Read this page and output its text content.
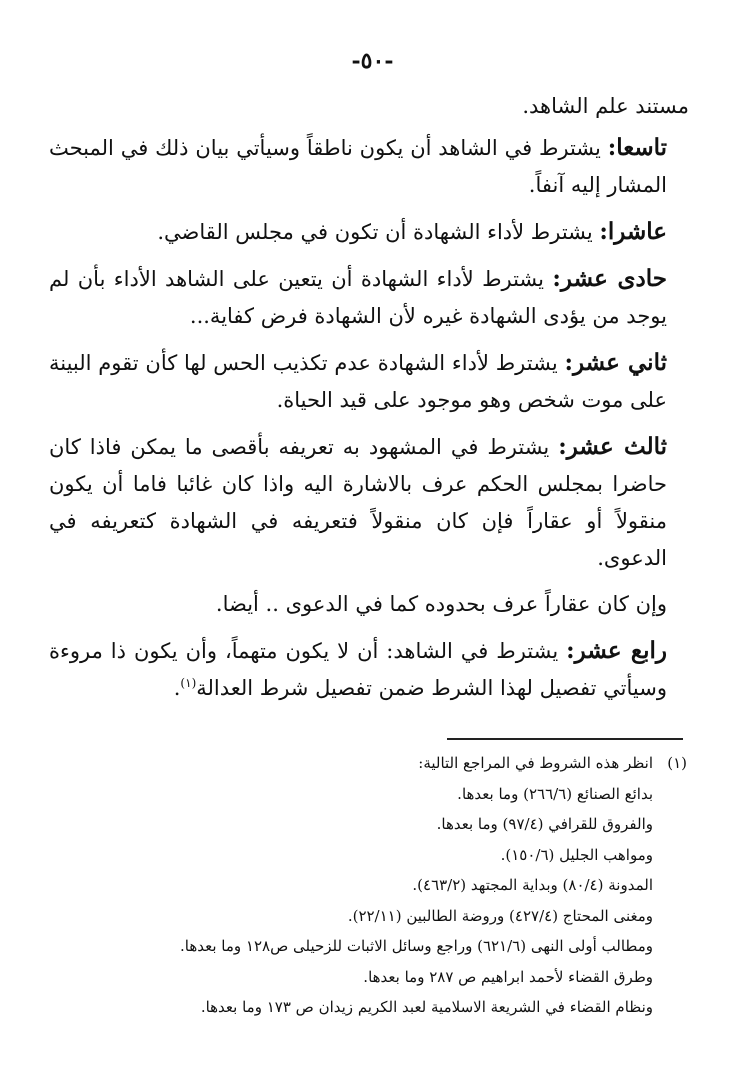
-٥٠-

مستند علم الشاهد.

تاسعا: يشترط في الشاهد أن يكون ناطقاً وسيأتي بيان ذلك في المبحث المشار إليه آنفاً.

عاشرا: يشترط لأداء الشهادة أن تكون في مجلس القاضي.

حادى عشر: يشترط لأداء الشهادة أن يتعين على الشاهد الأداء بأن لم يوجد من يؤدى الشهادة غيره لأن الشهادة فرض كفاية...

ثاني عشر: يشترط لأداء الشهادة عدم تكذيب الحس لها كأن تقوم البينة على موت شخص وهو موجود على قيد الحياة.

ثالث عشر: يشترط في المشهود به تعريفه بأقصى ما يمكن فاذا كان حاضرا بمجلس الحكم عرف بالاشارة اليه واذا كان غائبا فاما أن يكون منقولاً أو عقاراً فإن كان منقولاً فتعريفه في الشهادة كتعريفه في الدعوى.

وإن كان عقاراً عرف بحدوده كما في الدعوى .. أيضا.

رابع عشر: يشترط في الشاهد: أن لا يكون متهماً، وأن يكون ذا مروءة وسيأتي تفصيل لهذا الشرط ضمن تفصيل شرط العدالة$^{(١)}$.

(١)انظر هذه الشروط في المراجع التالية:
بدائع الصنائع (٢٦٦/٦) وما بعدها.
والفروق للقرافي (٩٧/٤) وما بعدها.
ومواهب الجليل (١٥٠/٦).
المدونة (٨٠/٤) وبداية المجتهد (٤٦٣/٢).
ومغنى المحتاج (٤٢٧/٤) وروضة الطالبين (٢٢/١١).
ومطالب أولى النهى (٦٢١/٦) وراجع وسائل الاثبات للزحيلى ص١٢٨ وما بعدها.
وطرق القضاء لأحمد ابراهيم ص ٢٨٧ وما بعدها.
ونظام القضاء في الشريعة الاسلامية لعبد الكريم زيدان ص ١٧٣ وما بعدها.
